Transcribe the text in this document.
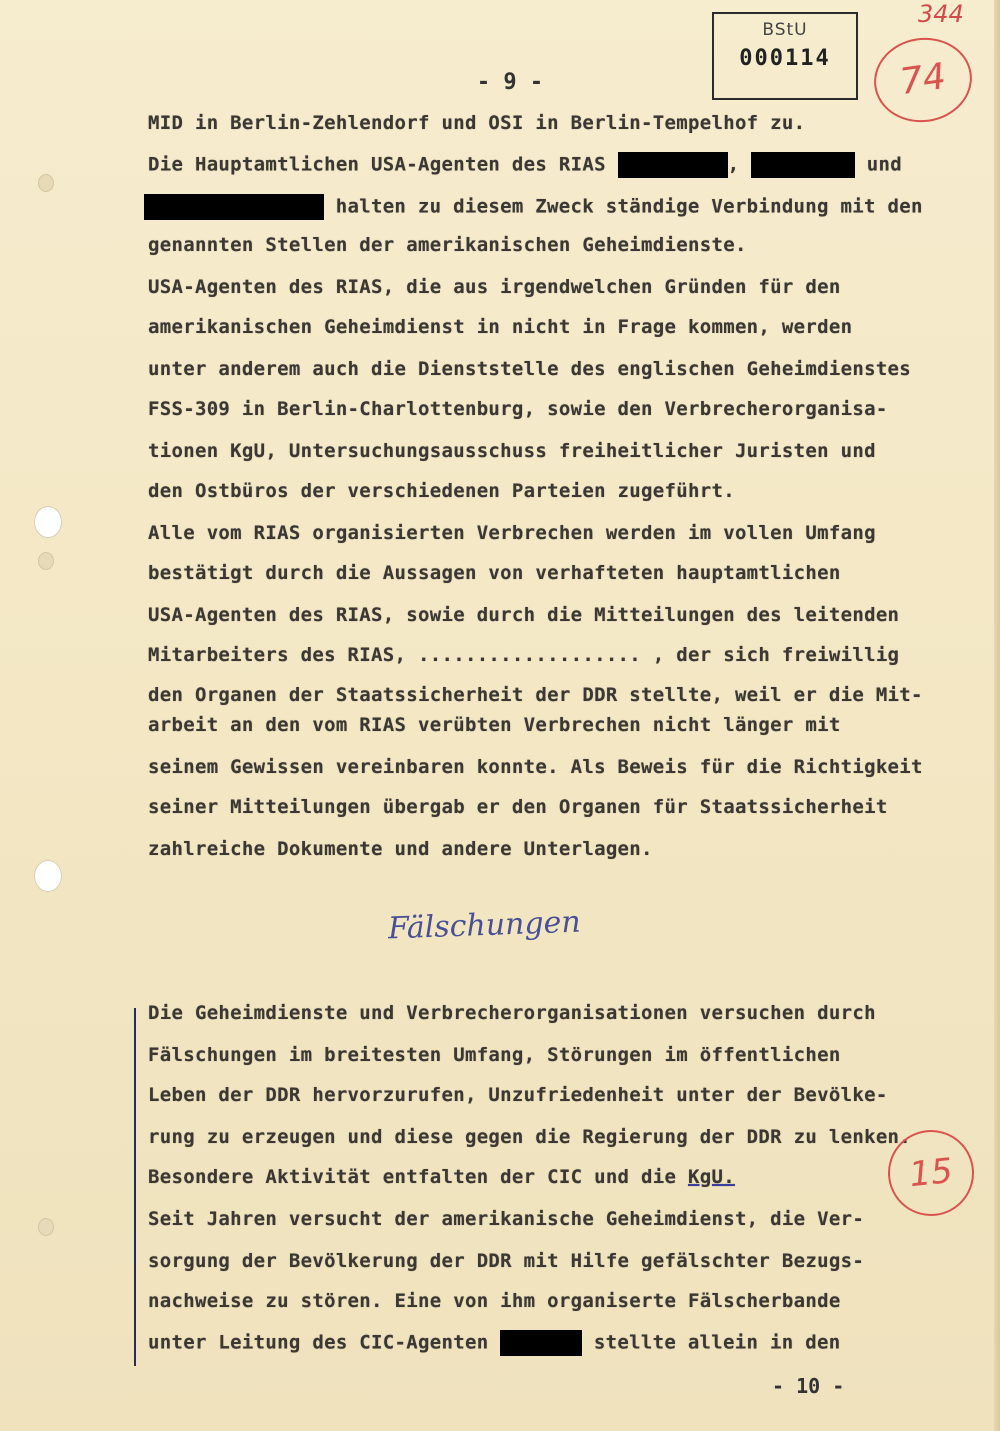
BStU
000114
344
74
- 9 -
MID in Berlin-Zehlendorf und OSI in Berlin-Tempelhof zu.
Die Hauptamtlichen USA-Agenten des RIAS	,	und
halten zu diesem Zweck ständige Verbindung mit den
genannten Stellen der amerikanischen Geheimdienste.
USA-Agenten des RIAS, die aus irgendwelchen Gründen für den
amerikanischen Geheimdienst in nicht in Frage kommen, werden
unter anderem auch die Dienststelle des englischen Geheimdienstes
FSS-309 in Berlin-Charlottenburg, sowie den Verbrecherorganisa-
tionen KgU, Untersuchungsausschuss freiheitlicher Juristen und
den Ostbüros der verschiedenen Parteien zugeführt.
Alle vom RIAS organisierten Verbrechen werden im vollen Umfang
bestätigt durch die Aussagen von verhafteten hauptamtlichen
USA-Agenten des RIAS, sowie durch die Mitteilungen des leitenden
Mitarbeiters des RIAS, ................... , der sich freiwillig
den Organen der Staatssicherheit der DDR stellte, weil er die Mit-
arbeit an den vom RIAS verübten Verbrechen nicht länger mit
seinem Gewissen vereinbaren konnte. Als Beweis für die Richtigkeit
seiner Mitteilungen übergab er den Organen für Staatssicherheit
zahlreiche Dokumente und andere Unterlagen.
Fälschungen
Die Geheimdienste und Verbrecherorganisationen versuchen durch
Fälschungen im breitesten Umfang, Störungen im öffentlichen
Leben der DDR hervorzurufen, Unzufriedenheit unter der Bevölke-
rung zu erzeugen und diese gegen die Regierung der DDR zu lenken.
Besondere Aktivität entfalten der CIC und die KgU.
Seit Jahren versucht der amerikanische Geheimdienst, die Ver-
sorgung der Bevölkerung der DDR mit Hilfe gefälschter Bezugs-
nachweise zu stören. Eine von ihm organiserte Fälscherbande
unter Leitung des CIC-Agenten	stellte allein in den
15
- 10 -
